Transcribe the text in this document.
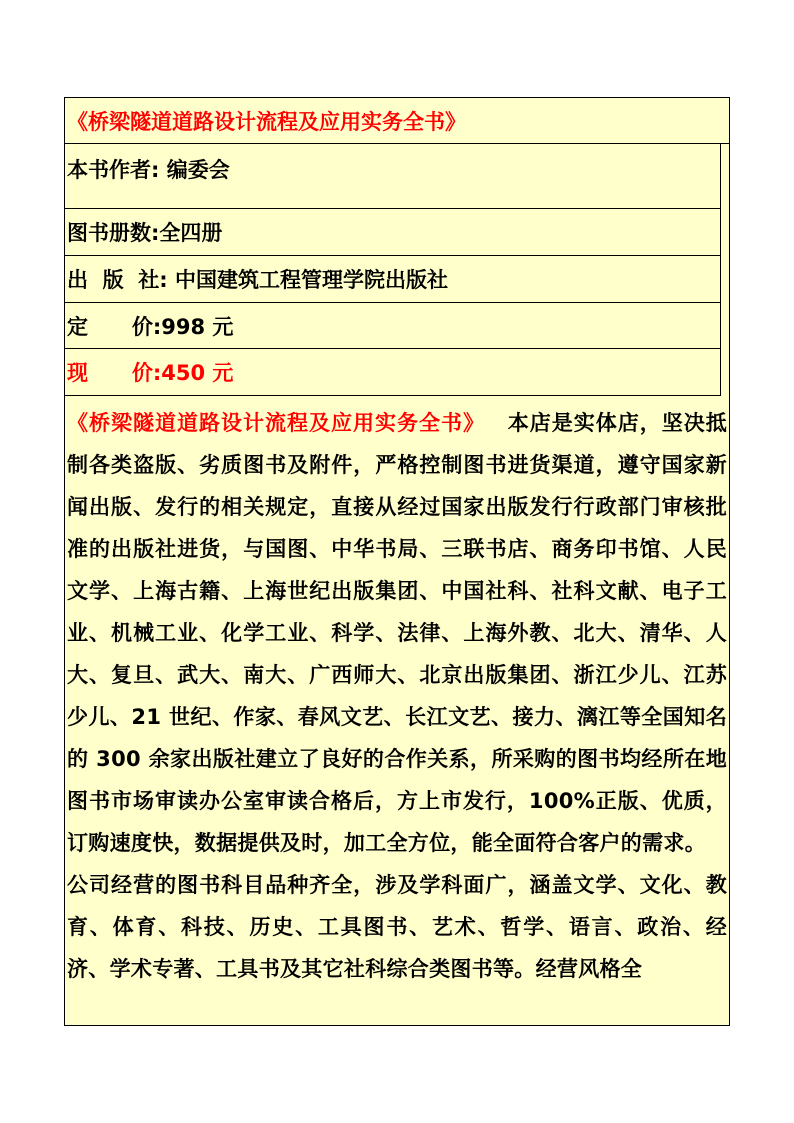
《桥梁隧道道路设计流程及应用实务全书》
本书作者: 编委会
图书册数:全四册
出  版  社: 中国建筑工程管理学院出版社
定      价:998 元
现      价:450 元

《桥梁隧道道路设计流程及应用实务全书》 本店是实体店，坚决抵制各类盗版、劣质图书及附件，严格控制图书进货渠道，遵守国家新闻出版、发行的相关规定，直接从经过国家出版发行行政部门审核批准的出版社进货，与国图、中华书局、三联书店、商务印书馆、人民文学、上海古籍、上海世纪出版集团、中国社科、社科文献、电子工业、机械工业、化学工业、科学、法律、上海外教、北大、清华、人大、复旦、武大、南大、广西师大、北京出版集团、浙江少儿、江苏少儿、21 世纪、作家、春风文艺、长江文艺、接力、漓江等全国知名的 300 余家出版社建立了良好的合作关系，所采购的图书均经所在地图书市场审读办公室审读合格后，方上市发行，100%正版、优质，订购速度快，数据提供及时，加工全方位，能全面符合客户的需求。

公司经营的图书科目品种齐全，涉及学科面广，涵盖文学、文化、教育、体育、科技、历史、工具图书、艺术、哲学、语言、政治、经济、学术专著、工具书及其它社科综合类图书等。经营风格全
